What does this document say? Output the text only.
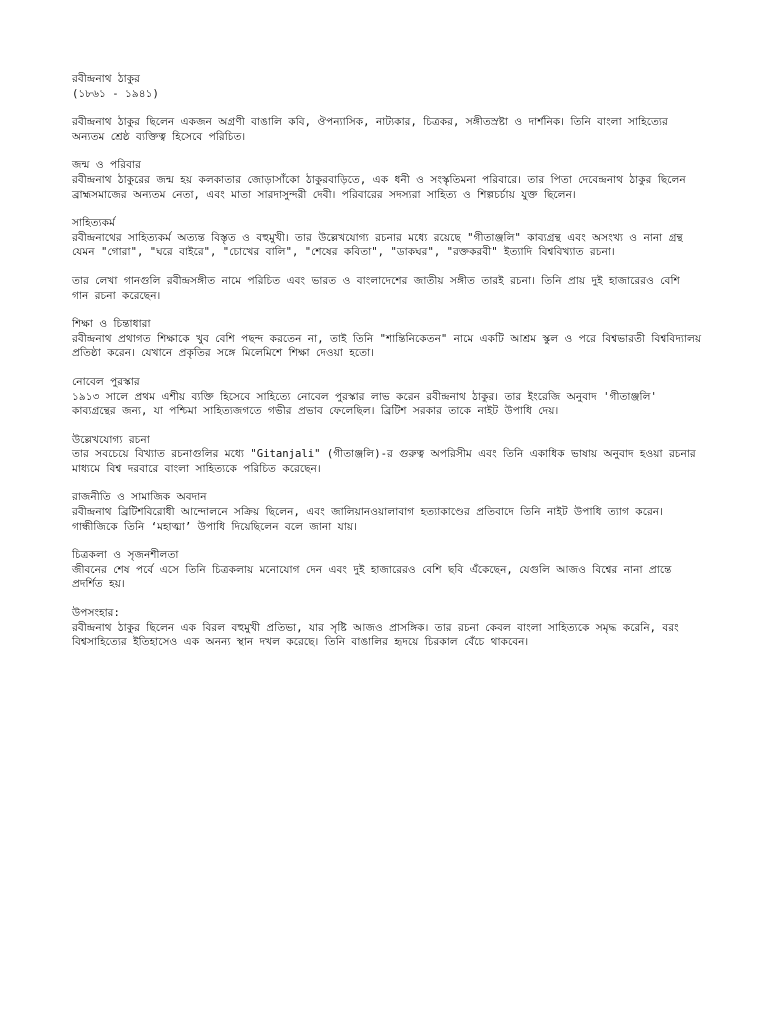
রবীন্দ্রনাথ ঠাকুর
(১৮৬১ - ১৯৪১)
রবীন্দ্রনাথ ঠাকুর ছিলেন একজন অগ্রণী বাঙালি কবি, ঔপন্যাসিক, নাট্যকার, চিত্রকর, সঙ্গীতস্রষ্টা ও দার্শনিক। তিনি বাংলা সাহিত্যের অন্যতম শ্রেষ্ঠ ব্যক্তিত্ব হিসেবে পরিচিত।
জন্ম ও পরিবার
রবীন্দ্রনাথ ঠাকুরের জন্ম হয় কলকাতার জোড়াসাঁকো ঠাকুরবাড়িতে, এক ধনী ও সংস্কৃতিমনা পরিবারে। তার পিতা দেবেন্দ্রনাথ ঠাকুর ছিলেন ব্রাহ্মসমাজের অন্যতম নেতা, এবং মাতা সারদাসুন্দরী দেবী। পরিবারের সদস্যরা সাহিত্য ও শিল্পচর্চায় যুক্ত ছিলেন।
সাহিত্যকর্ম
রবীন্দ্রনাথের সাহিত্যকর্ম অত্যন্ত বিস্তৃত ও বহুমুখী। তার উল্লেখযোগ্য রচনার মধ্যে রয়েছে "গীতাঞ্জলি" কাব্যগ্রন্থ এবং অসংখ্য ও নানা গ্রন্থ যেমন "গোরা", "ঘরে বাইরে", "চোখের বালি", "শেষের কবিতা", "ডাকঘর", "রক্তকরবী" ইত্যাদি বিশ্ববিখ্যাত রচনা।
তার লেখা গানগুলি রবীন্দ্রসঙ্গীত নামে পরিচিত এবং ভারত ও বাংলাদেশের জাতীয় সঙ্গীত তারই রচনা। তিনি প্রায় দুই হাজারেরও বেশি গান রচনা করেছেন।
শিক্ষা ও চিন্তাধারা
রবীন্দ্রনাথ প্রথাগত শিক্ষাকে খুব বেশি পছন্দ করতেন না, তাই তিনি "শান্তিনিকেতন" নামে একটি আশ্রম স্কুল ও পরে বিশ্বভারতী বিশ্ববিদ্যালয় প্রতিষ্ঠা করেন। যেখানে প্রকৃতির সঙ্গে মিলেমিশে শিক্ষা দেওয়া হতো।
নোবেল পুরস্কার
১৯১৩ সালে প্রথম এশীয় ব্যক্তি হিসেবে সাহিত্যে নোবেল পুরস্কার লাভ করেন রবীন্দ্রনাথ ঠাকুর। তার ইংরেজি অনুবাদ 'গীতাঞ্জলি' কাব্যগ্রন্থের জন্য, যা পশ্চিমা সাহিত্যজগতে গভীর প্রভাব ফেলেছিল। ব্রিটিশ সরকার তাকে নাইট উপাধি দেয়।
উল্লেখযোগ্য রচনা
তার সবচেয়ে বিখ্যাত রচনাগুলির মধ্যে "Gitanjali" (গীতাঞ্জলি)-র গুরুত্ব অপরিসীম এবং তিনি একাধিক ভাষায় অনুবাদ হওয়া রচনার মাধ্যমে বিশ্ব দরবারে বাংলা সাহিত্যকে পরিচিত করেছেন।
রাজনীতি ও সামাজিক অবদান
রবীন্দ্রনাথ ব্রিটিশবিরোধী আন্দোলনে সক্রিয় ছিলেন, এবং জালিয়ানওয়ালাবাগ হত্যাকাণ্ডের প্রতিবাদে তিনি নাইট উপাধি ত্যাগ করেন। গান্ধীজিকে তিনি ‘মহাত্মা’ উপাধি দিয়েছিলেন বলে জানা যায়।
চিত্রকলা ও সৃজনশীলতা
জীবনের শেষ পর্বে এসে তিনি চিত্রকলায় মনোযোগ দেন এবং দুই হাজারেরও বেশি ছবি এঁকেছেন, যেগুলি আজও বিশ্বের নানা প্রান্তে প্রদর্শিত হয়।
উপসংহার:
রবীন্দ্রনাথ ঠাকুর ছিলেন এক বিরল বহুমুখী প্রতিভা, যার সৃষ্টি আজও প্রাসঙ্গিক। তার রচনা কেবল বাংলা সাহিত্যকে সমৃদ্ধ করেনি, বরং বিশ্বসাহিত্যের ইতিহাসেও এক অনন্য স্থান দখল করেছে। তিনি বাঙালির হৃদয়ে চিরকাল বেঁচে থাকবেন।
